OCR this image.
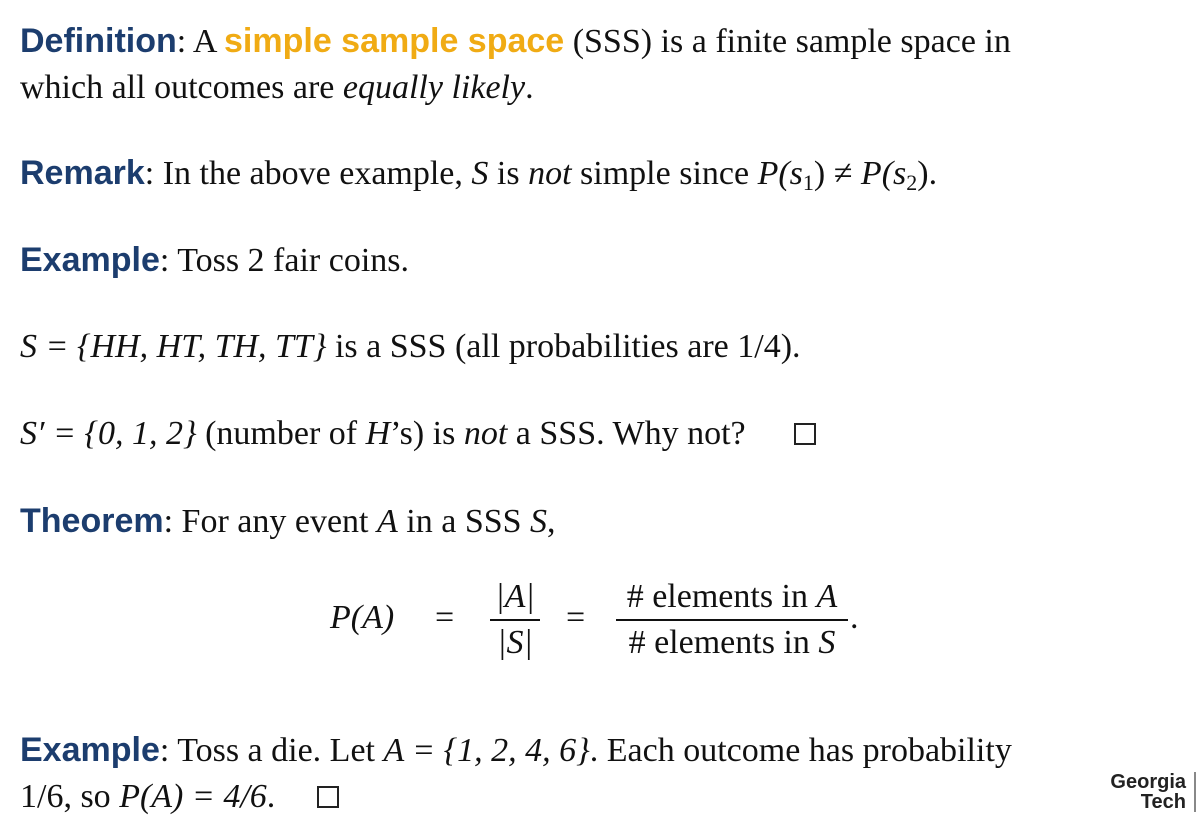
Definition: A simple sample space (SSS) is a finite sample space in
which all outcomes are equally likely.
Remark: In the above example, S is not simple since $P(s_1) \ne P(s_2)$.
Example: Toss 2 fair coins.
S = {HH, HT, TH, TT} is a SSS (all probabilities are 1/4).
S′ = {0, 1, 2} (number of H’s) is not a SSS. Why not?
Theorem: For any event A in a SSS S,
$P(A) = \frac{|A|}{|S|}$ =
# elements in A
# elements in S
.
Example: Toss a die. Let A = {1, 2, 4, 6}. Each outcome has probability
1/6, so P(A) = 4/6.	Georgia
Tech
